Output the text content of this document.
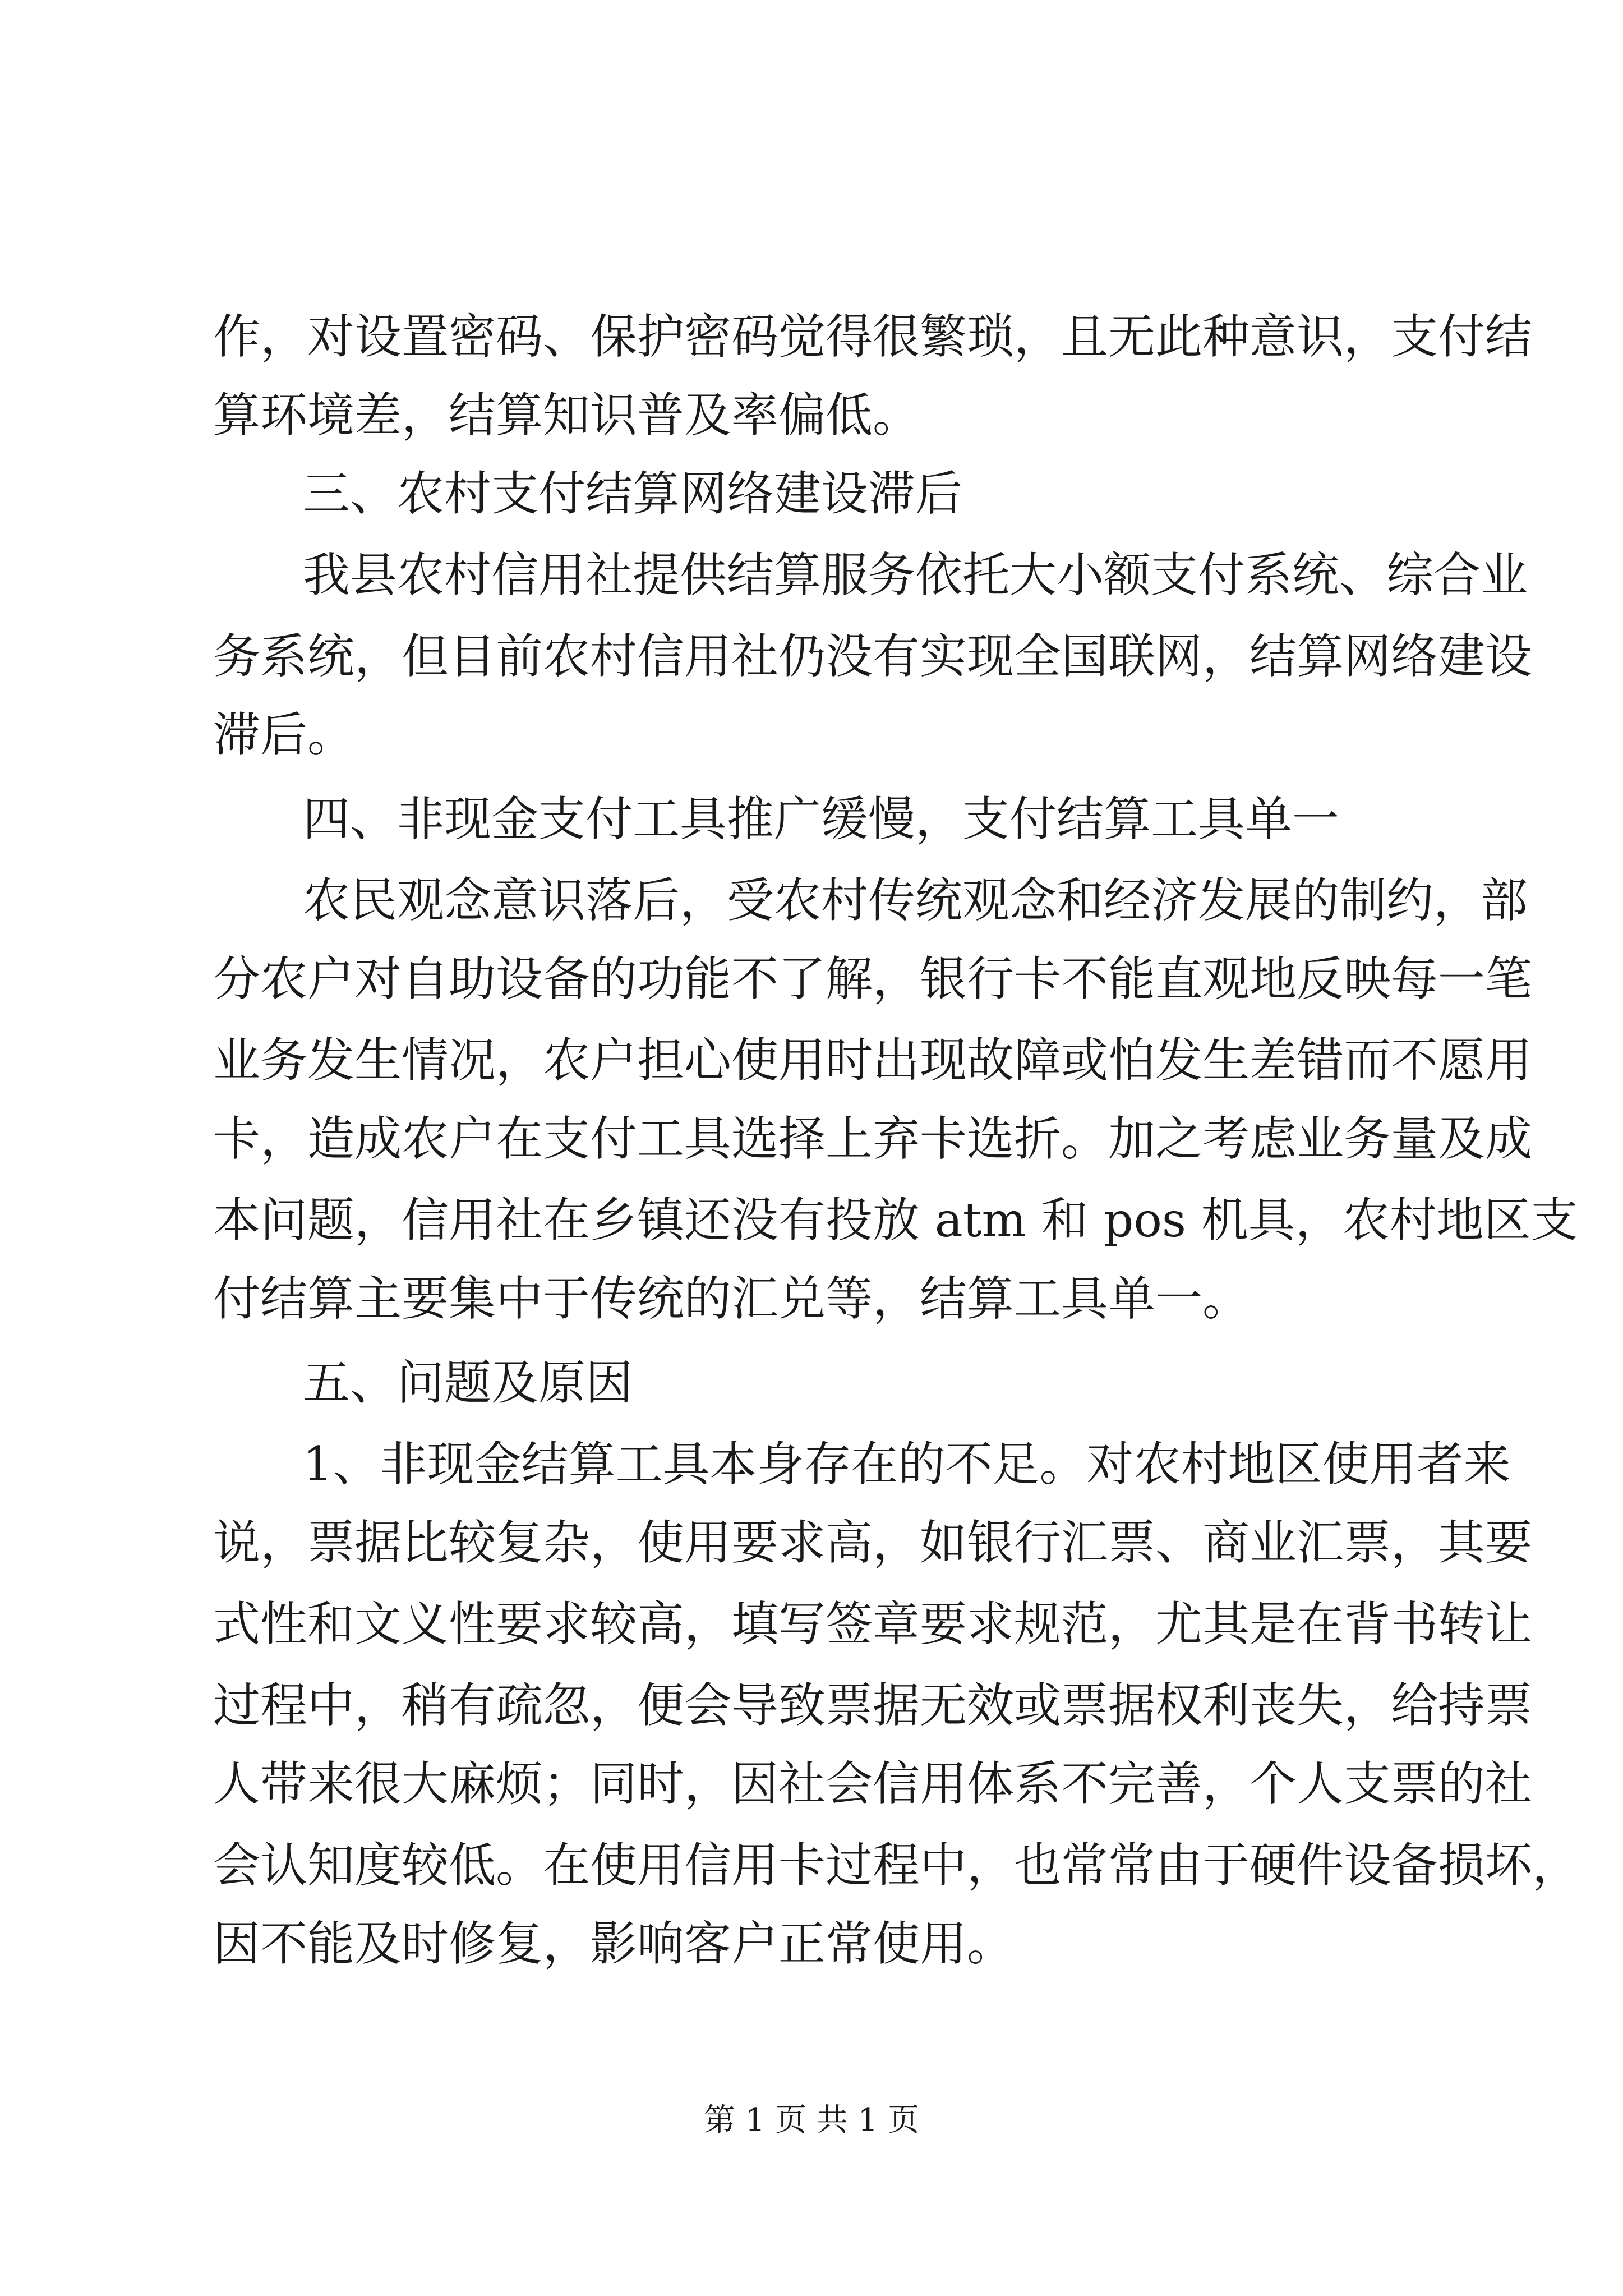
作，对设置密码、保护密码觉得很繁琐，且无此种意识，支付结
算环境差，结算知识普及率偏低。
三、农村支付结算网络建设滞后
我县农村信用社提供结算服务依托大小额支付系统、综合业
务系统，但目前农村信用社仍没有实现全国联网，结算网络建设
滞后。
四、非现金支付工具推广缓慢，支付结算工具单一
农民观念意识落后，受农村传统观念和经济发展的制约，部
分农户对自助设备的功能不了解，银行卡不能直观地反映每一笔
业务发生情况，农户担心使用时出现故障或怕发生差错而不愿用
卡，造成农户在支付工具选择上弃卡选折。加之考虑业务量及成
本问题，信用社在乡镇还没有投放 atm 和 pos 机具，农村地区支
付结算主要集中于传统的汇兑等，结算工具单一。
五、问题及原因
1、非现金结算工具本身存在的不足。对农村地区使用者来
说，票据比较复杂，使用要求高，如银行汇票、商业汇票，其要
式性和文义性要求较高，填写签章要求规范，尤其是在背书转让
过程中，稍有疏忽，便会导致票据无效或票据权利丧失，给持票
人带来很大麻烦；同时，因社会信用体系不完善，个人支票的社
会认知度较低。在使用信用卡过程中，也常常由于硬件设备损坏，
因不能及时修复，影响客户正常使用。
第 1 页 共 1 页
